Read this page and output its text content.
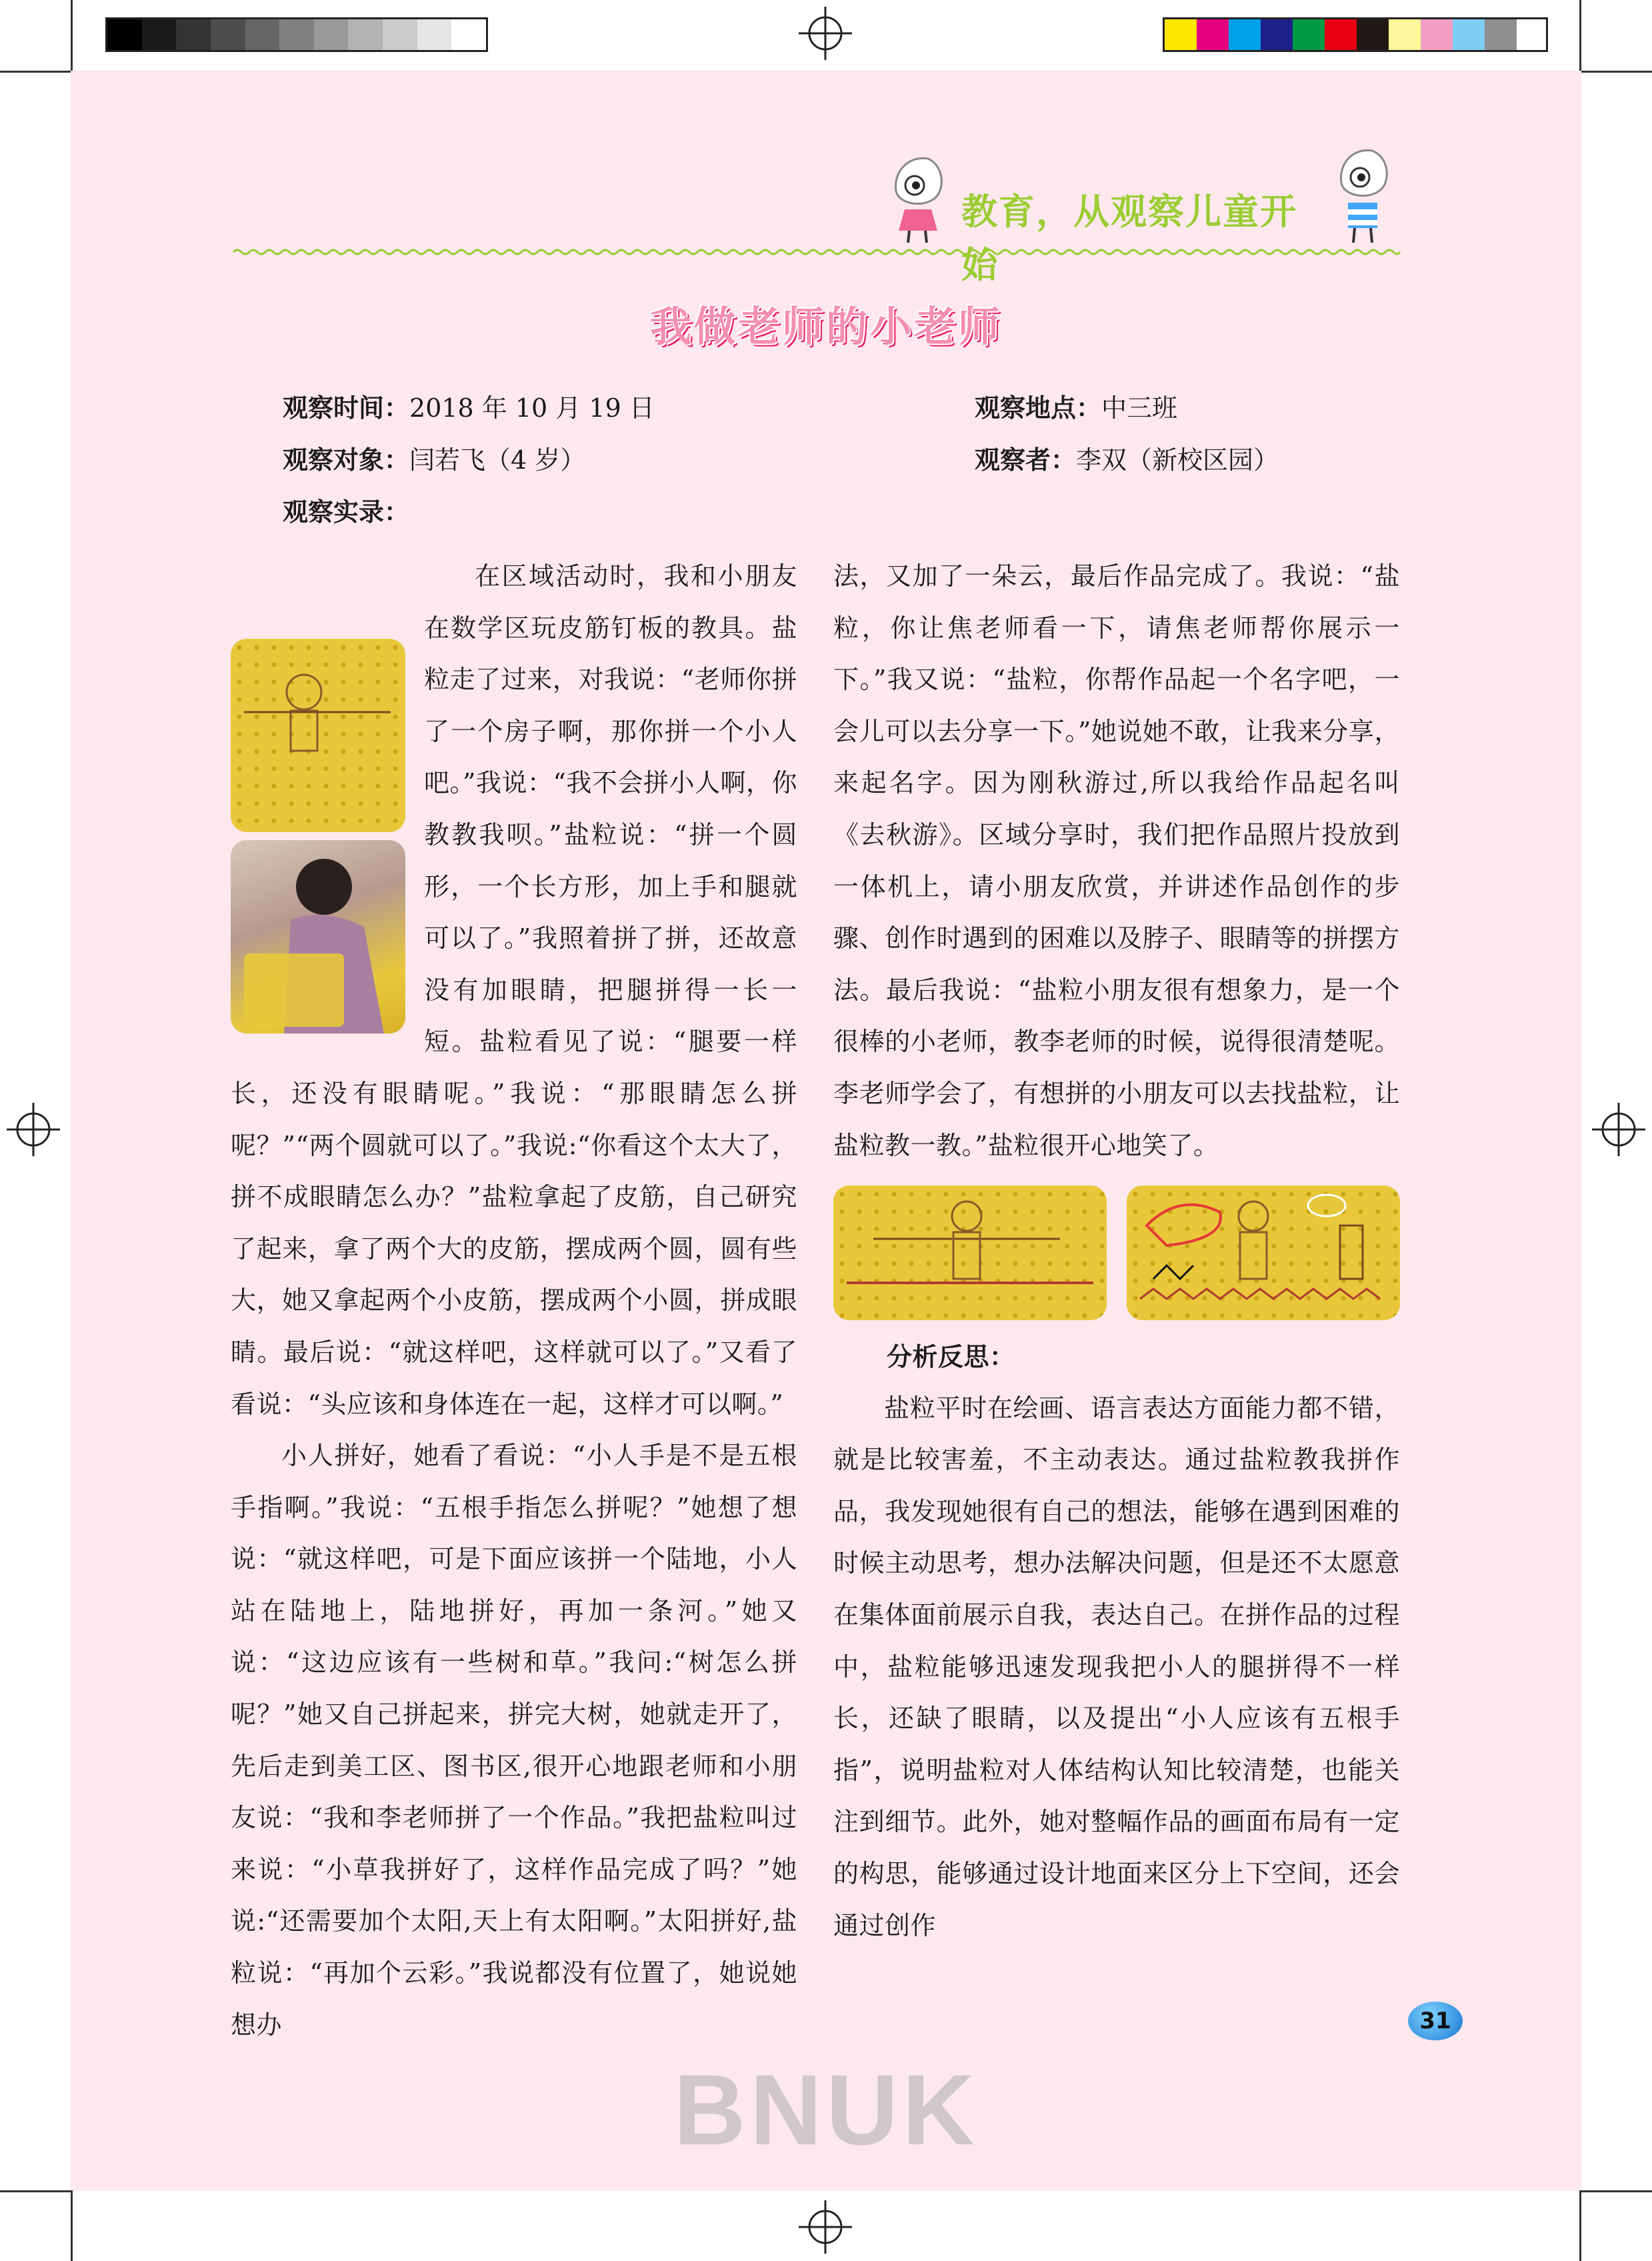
教育，从观察儿童开始
我做老师的小老师
观察时间：2018 年 10 月 19 日	观察地点：中三班
观察对象：闫若飞（4 岁）	观察者：李双（新校区园）
观察实录：

在区域活动时，我和小朋友在数学区玩皮筋钉板的教具。盐粒走了过来，对我说：“老师你拼了一个房子啊，那你拼一个小人吧。”我说：“我不会拼小人啊，你教教我呗。”盐粒说：“拼一个圆形，一个长方形，加上手和腿就可以了。”我照着拼了拼，还故意没有加眼睛，把腿拼得一长一短。盐粒看见了说：“腿要一样长，还没有眼睛呢。”我说：“那眼睛怎么拼呢？”“两个圆就可以了。”我说:“你看这个太大了，拼不成眼睛怎么办？”盐粒拿起了皮筋，自己研究了起来，拿了两个大的皮筋，摆成两个圆，圆有些大，她又拿起两个小皮筋，摆成两个小圆，拼成眼睛。最后说：“就这样吧，这样就可以了。”又看了看说：“头应该和身体连在一起，这样才可以啊。”

小人拼好，她看了看说：“小人手是不是五根手指啊。”我说：“五根手指怎么拼呢？”她想了想说：“就这样吧，可是下面应该拼一个陆地，小人站在陆地上，陆地拼好，再加一条河。”她又说：“这边应该有一些树和草。”我问:“树怎么拼呢？”她又自己拼起来，拼完大树，她就走开了，先后走到美工区、图书区,很开心地跟老师和小朋友说：“我和李老师拼了一个作品。”我把盐粒叫过来说：“小草我拼好了，这样作品完成了吗？”她说:“还需要加个太阳,天上有太阳啊。”太阳拼好,盐粒说：“再加个云彩。”我说都没有位置了，她说她想办

法，又加了一朵云，最后作品完成了。我说：“盐粒，你让焦老师看一下，请焦老师帮你展示一下。”我又说：“盐粒，你帮作品起一个名字吧，一会儿可以去分享一下。”她说她不敢，让我来分享，来起名字。因为刚秋游过,所以我给作品起名叫《去秋游》。区域分享时，我们把作品照片投放到一体机上，请小朋友欣赏，并讲述作品创作的步骤、创作时遇到的困难以及脖子、眼睛等的拼摆方法。最后我说：“盐粒小朋友很有想象力，是一个很棒的小老师，教李老师的时候，说得很清楚呢。李老师学会了，有想拼的小朋友可以去找盐粒，让盐粒教一教。”盐粒很开心地笑了。

分析反思：

盐粒平时在绘画、语言表达方面能力都不错，就是比较害羞，不主动表达。通过盐粒教我拼作品，我发现她很有自己的想法，能够在遇到困难的时候主动思考，想办法解决问题，但是还不太愿意在集体面前展示自我，表达自己。在拼作品的过程中，盐粒能够迅速发现我把小人的腿拼得不一样长，还缺了眼睛，以及提出“小人应该有五根手指”，说明盐粒对人体结构认知比较清楚，也能关注到细节。此外，她对整幅作品的画面布局有一定的构思，能够通过设计地面来区分上下空间，还会通过创作

31
BNUK
